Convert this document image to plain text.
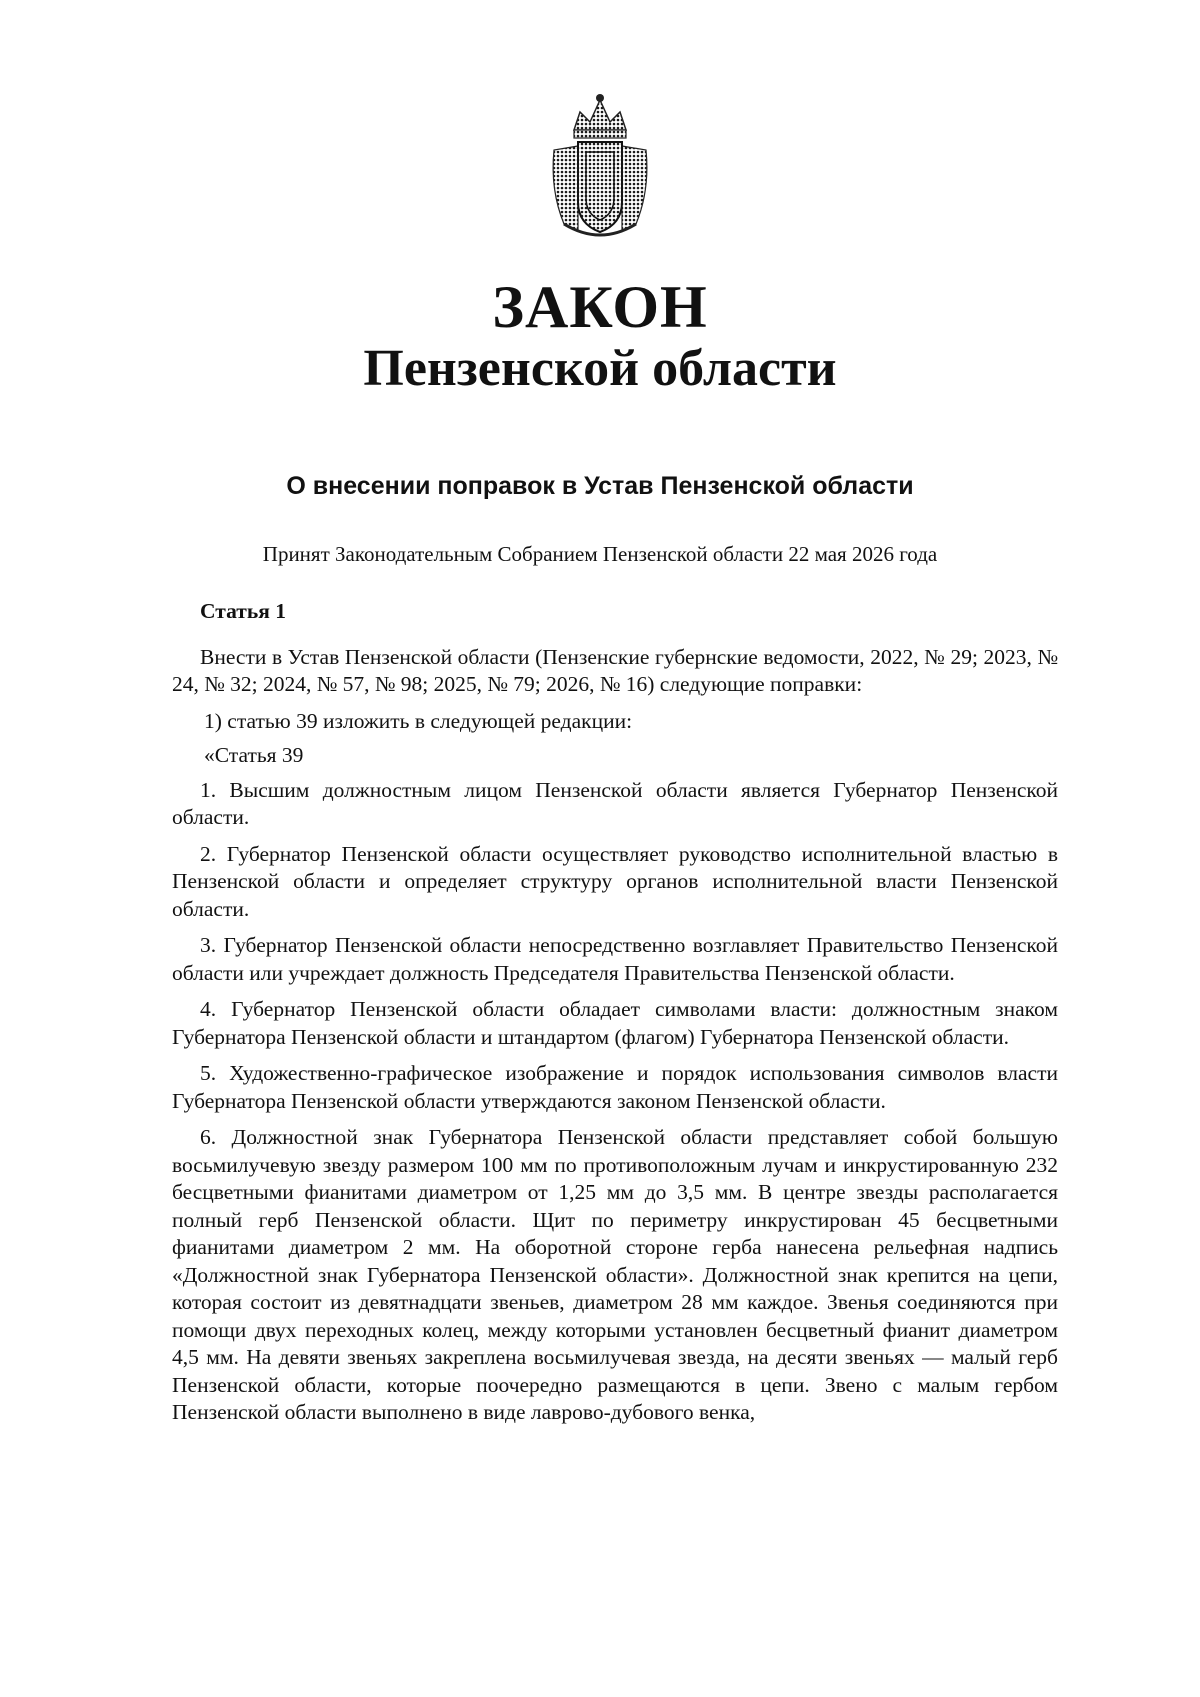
ЗАКОН
Пензенской области
О внесении поправок в Устав Пензенской области
Принят Законодательным Собранием Пензенской области 22 мая 2026 года

Статья 1

Внести в Устав Пензенской области (Пензенские губернские ведомости, 2022, № 29; 2023, № 24, № 32; 2024, № 57, № 98; 2025, № 79; 2026, № 16) следующие поправки:

1) статью 39 изложить в следующей редакции:

«Статья 39

1. Высшим должностным лицом Пензенской области является Губернатор Пензенской области.

2. Губернатор Пензенской области осуществляет руководство исполнительной властью в Пензенской области и определяет структуру органов исполнительной власти Пензенской области.

3. Губернатор Пензенской области непосредственно возглавляет Правительство Пензенской области или учреждает должность Председателя Правительства Пензенской области.

4. Губернатор Пензенской области обладает символами власти: должностным знаком Губернатора Пензенской области и штандартом (флагом) Губернатора Пензенской области.

5. Художественно-графическое изображение и порядок использования символов власти Губернатора Пензенской области утверждаются законом Пензенской области.

6. Должностной знак Губернатора Пензенской области представляет собой большую восьмилучевую звезду размером 100 мм по противоположным лучам и инкрустированную 232 бесцветными фианитами диаметром от 1,25 мм до 3,5 мм. В центре звезды располагается полный герб Пензенской области. Щит по периметру инкрустирован 45 бесцветными фианитами диаметром 2 мм. На оборотной стороне герба нанесена рельефная надпись «Должностной знак Губернатора Пензенской области». Должностной знак крепится на цепи, которая состоит из девятнадцати звеньев, диаметром 28 мм каждое. Звенья соединяются при помощи двух переходных колец, между которыми установлен бесцветный фианит диаметром 4,5 мм. На девяти звеньях закреплена восьмилучевая звезда, на десяти звеньях — малый герб Пензенской области, которые поочередно размещаются в цепи. Звено с малым гербом Пензенской области выполнено в виде лаврово-дубового венка,
